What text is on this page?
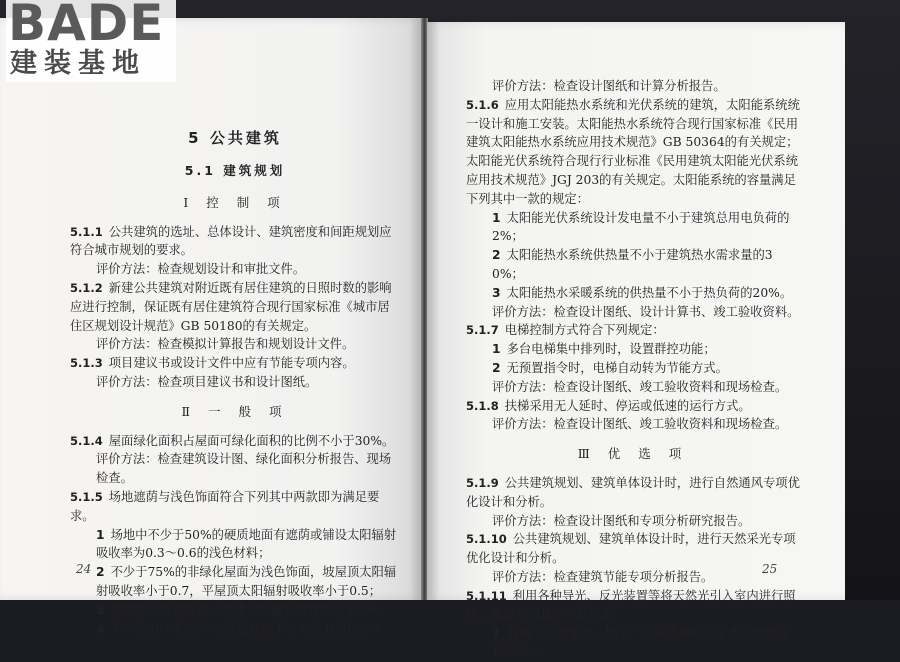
BADE
建装基地
5 公共建筑
5.1 建筑规划
Ⅰ 控 制 项

5.1.1 公共建筑的选址、总体设计、建筑密度和间距规划应符合城市规划的要求。

评价方法：检查规划设计和审批文件。

5.1.2 新建公共建筑对附近既有居住建筑的日照时数的影响应进行控制，保证既有居住建筑符合现行国家标准《城市居住区规划设计规范》GB 50180的有关规定。

评价方法：检查模拟计算报告和规划设计文件。

5.1.3 项目建议书或设计文件中应有节能专项内容。

评价方法：检查项目建议书和设计图纸。

Ⅱ 一 般 项

5.1.4 屋面绿化面积占屋面可绿化面积的比例不小于30%。

评价方法：检查建筑设计图、绿化面积分析报告、现场检查。

5.1.5 场地遮荫与浅色饰面符合下列其中两款即为满足要求。

1 场地中不少于50%的硬质地面有遮荫或铺设太阳辐射吸收率为0.3～0.6的浅色材料；

2 不少于75%的非绿化屋面为浅色饰面，坡屋顶太阳辐射吸收率小于0.7，平屋顶太阳辐射吸收率小于0.5；

3 建筑外墙浅色饰面，墙体太阳辐射吸收率小于0.6；

4 不少于50%的停车位设置在地下车库或有顶停车库。

24

评价方法：检查设计图纸和计算分析报告。

5.1.6 应用太阳能热水系统和光伏系统的建筑，太阳能系统统一设计和施工安装。太阳能热水系统符合现行国家标准《民用建筑太阳能热水系统应用技术规范》GB 50364的有关规定；太阳能光伏系统符合现行行业标准《民用建筑太阳能光伏系统应用技术规范》JGJ 203的有关规定。太阳能系统的容量满足下列其中一款的规定：

1 太阳能光伏系统设计发电量不小于建筑总用电负荷的2%；

2 太阳能热水系统供热量不小于建筑热水需求量的30%；

3 太阳能热水采暖系统的供热量不小于热负荷的20%。

评价方法：检查设计图纸、设计计算书、竣工验收资料。

5.1.7 电梯控制方式符合下列规定：

1 多台电梯集中排列时，设置群控功能；

2 无预置指令时，电梯自动转为节能方式。

评价方法：检查设计图纸、竣工验收资料和现场检查。

5.1.8 扶梯采用无人延时、停运或低速的运行方式。

评价方法：检查设计图纸、竣工验收资料和现场检查。

Ⅲ 优 选 项

5.1.9 公共建筑规划、建筑单体设计时，进行自然通风专项优化设计和分析。

评价方法：检查设计图纸和专项分析研究报告。

5.1.10 公共建筑规划、建筑单体设计时，进行天然采光专项优化设计和分析。

评价方法：检查建筑节能专项分析报告。

5.1.11 利用各种导光、反光装置等将天然光引入室内进行照明，满足下列其中一款规定：

1 有地下室的建筑，地下一层采光面积大于本层建筑面积的5%；

25
